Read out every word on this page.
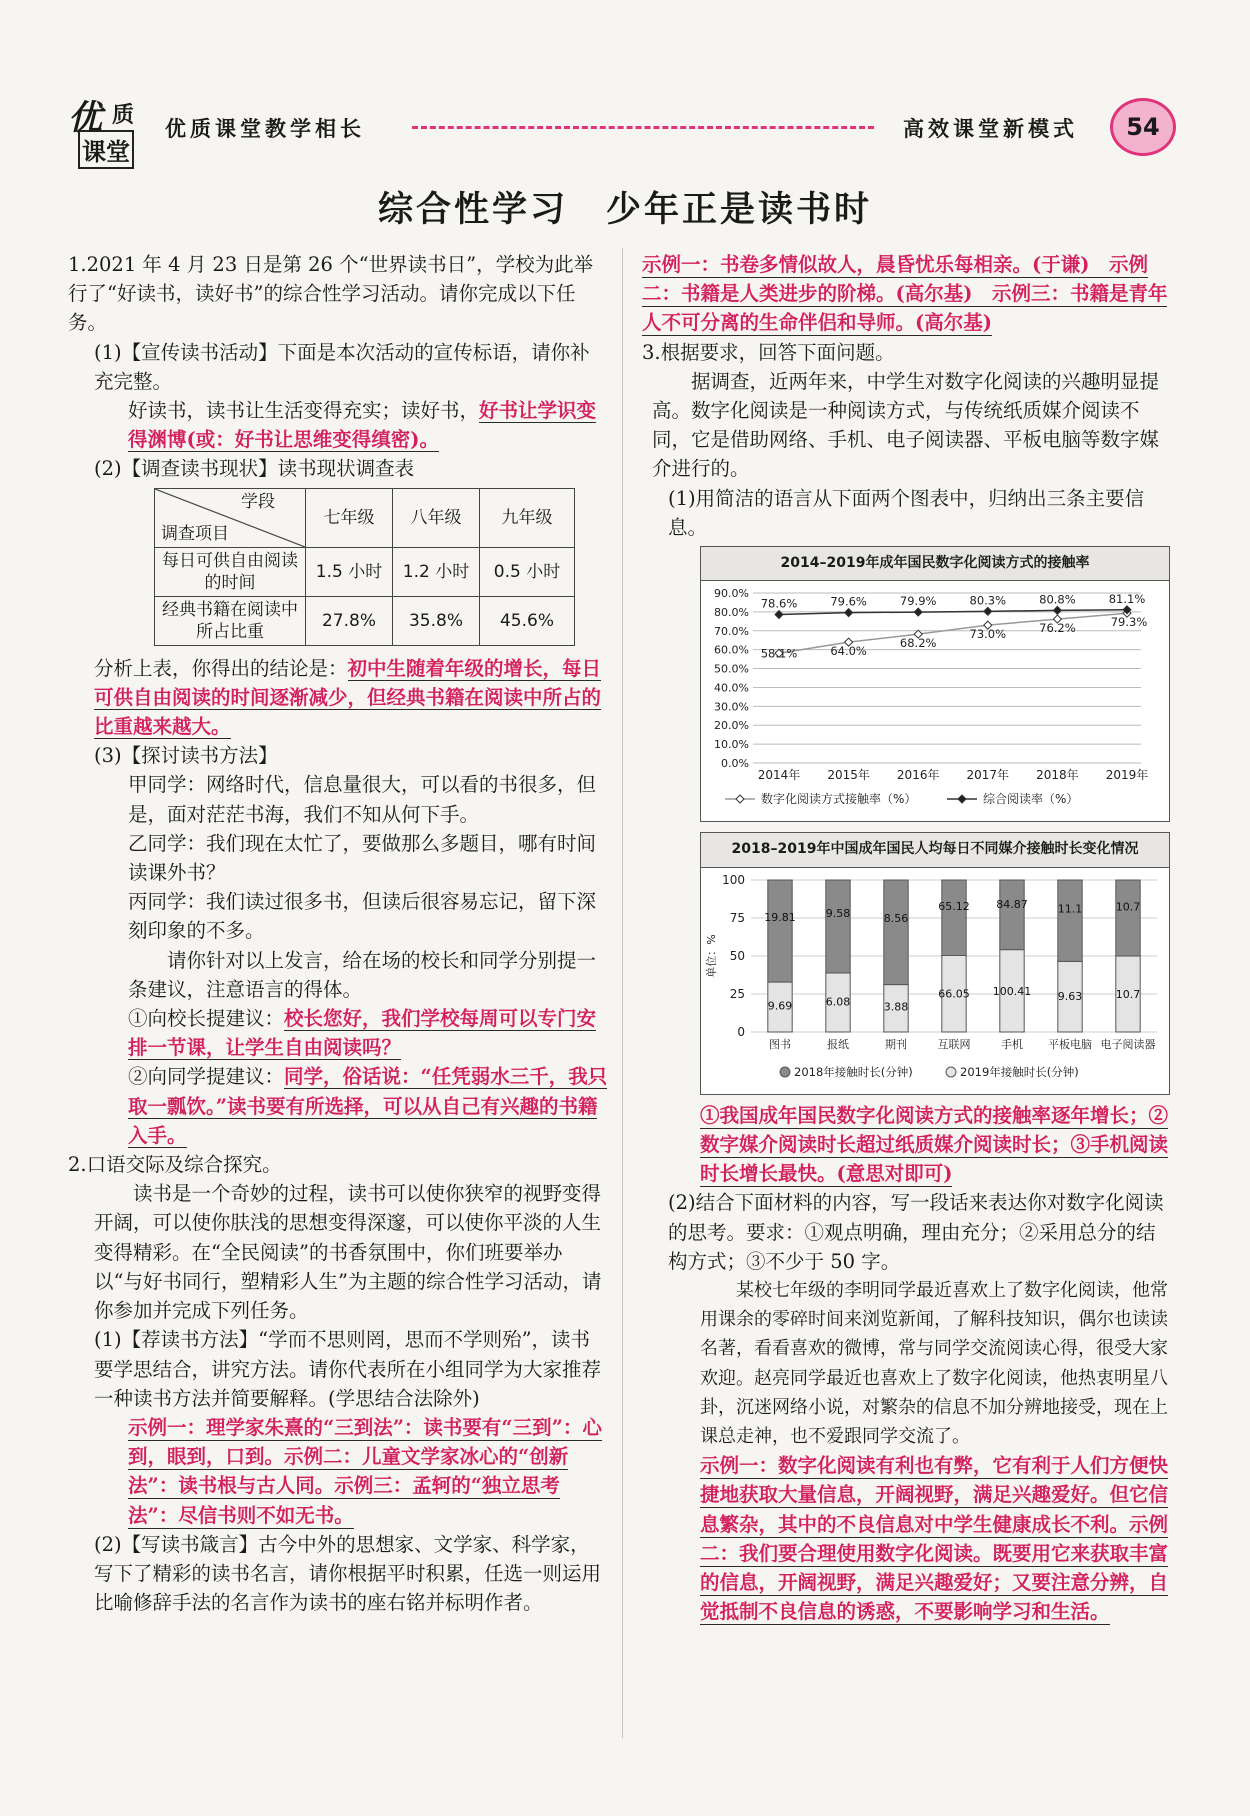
优 质
课堂
优质课堂教学相长	高效课堂新模式	54
综合性学习　少年正是读书时

1.2021 年 4 月 23 日是第 26 个“世界读书日”，学校为此举行了“好读书，读好书”的综合性学习活动。请你完成以下任务。

(1)【宣传读书活动】下面是本次活动的宣传标语，请你补充完整。

好读书，读书让生活变得充实；读好书，好书让学识变得渊博(或：好书让思维变得缜密)。

(2)【调查读书现状】读书现状调查表

学段
调查项目	七年级	八年级	九年级
每日可供自由阅读的时间	1.5 小时	1.2 小时	0.5 小时
经典书籍在阅读中所占比重	27.8%	35.8%	45.6%

分析上表，你得出的结论是：初中生随着年级的增长，每日可供自由阅读的时间逐渐减少，但经典书籍在阅读中所占的比重越来越大。

(3)【探讨读书方法】

甲同学：网络时代，信息量很大，可以看的书很多，但是，面对茫茫书海，我们不知从何下手。

乙同学：我们现在太忙了，要做那么多题目，哪有时间读课外书？

丙同学：我们读过很多书，但读后很容易忘记，留下深刻印象的不多。

请你针对以上发言，给在场的校长和同学分别提一条建议，注意语言的得体。

①向校长提建议：校长您好，我们学校每周可以专门安排一节课，让学生自由阅读吗？

②向同学提建议：同学，俗话说：“任凭弱水三千，我只取一瓢饮。”读书要有所选择，可以从自己有兴趣的书籍入手。

2.口语交际及综合探究。

读书是一个奇妙的过程，读书可以使你狭窄的视野变得开阔，可以使你肤浅的思想变得深邃，可以使你平淡的人生变得精彩。在“全民阅读”的书香氛围中，你们班要举办以“与好书同行，塑精彩人生”为主题的综合性学习活动，请你参加并完成下列任务。

(1)【荐读书方法】“学而不思则罔，思而不学则殆”，读书要学思结合，讲究方法。请你代表所在小组同学为大家推荐一种读书方法并简要解释。(学思结合法除外)

示例一：理学家朱熹的“三到法”：读书要有“三到”：心到，眼到，口到。示例二：儿童文学家冰心的“创新法”：读书根与古人同。示例三：孟轲的“独立思考法”：尽信书则不如无书。

(2)【写读书箴言】古今中外的思想家、文学家、科学家，写下了精彩的读书名言，请你根据平时积累，任选一则运用比喻修辞手法的名言作为读书的座右铭并标明作者。

示例一：书卷多情似故人，晨昏忧乐每相亲。(于谦)　示例二：书籍是人类进步的阶梯。(高尔基)　示例三：书籍是青年人不可分离的生命伴侣和导师。(高尔基)

3.根据要求，回答下面问题。

据调查，近两年来，中学生对数字化阅读的兴趣明显提高。数字化阅读是一种阅读方式，与传统纸质媒介阅读不同，它是借助网络、手机、电子阅读器、平板电脑等数字媒介进行的。

(1)用简洁的语言从下面两个图表中，归纳出三条主要信息。

2014–2019年成年国民数字化阅读方式的接触率
0.0%
10.0%
20.0%
30.0%
40.0%
50.0%
60.0%
70.0%
80.0%
90.0%
2014年 2015年 2016年 2017年 2018年 2019年
58.1%	64.0%
68.2%
73.0%	76.2%	79.3%
78.6%	79.6%	79.9%	80.3%	80.8%	81.1%
数字化阅读方式接触率（%）	综合阅读率（%）
2018–2019年中国成年国民人均每日不同媒介接触时长变化情况
0
25
50
75
100
单位：%
19.81
9.69
图书
9.58
6.08
报纸
8.56
3.88
期刊
65.12
66.05
互联网
84.87
100.41
手机
11.1
9.63
平板电脑
10.7
10.7
电子阅读器
2018年接触时长(分钟)	2019年接触时长(分钟)

①我国成年国民数字化阅读方式的接触率逐年增长；②数字媒介阅读时长超过纸质媒介阅读时长；③手机阅读时长增长最快。(意思对即可)

(2)结合下面材料的内容，写一段话来表达你对数字化阅读的思考。要求：①观点明确，理由充分；②采用总分的结构方式；③不少于 50 字。

某校七年级的李明同学最近喜欢上了数字化阅读，他常用课余的零碎时间来浏览新闻，了解科技知识，偶尔也读读名著，看看喜欢的微博，常与同学交流阅读心得，很受大家欢迎。赵亮同学最近也喜欢上了数字化阅读，他热衷明星八卦，沉迷网络小说，对繁杂的信息不加分辨地接受，现在上课总走神，也不爱跟同学交流了。

示例一：数字化阅读有利也有弊，它有利于人们方便快捷地获取大量信息，开阔视野，满足兴趣爱好。但它信息繁杂，其中的不良信息对中学生健康成长不利。示例二：我们要合理使用数字化阅读。既要用它来获取丰富的信息，开阔视野，满足兴趣爱好；又要注意分辨，自觉抵制不良信息的诱惑，不要影响学习和生活。
